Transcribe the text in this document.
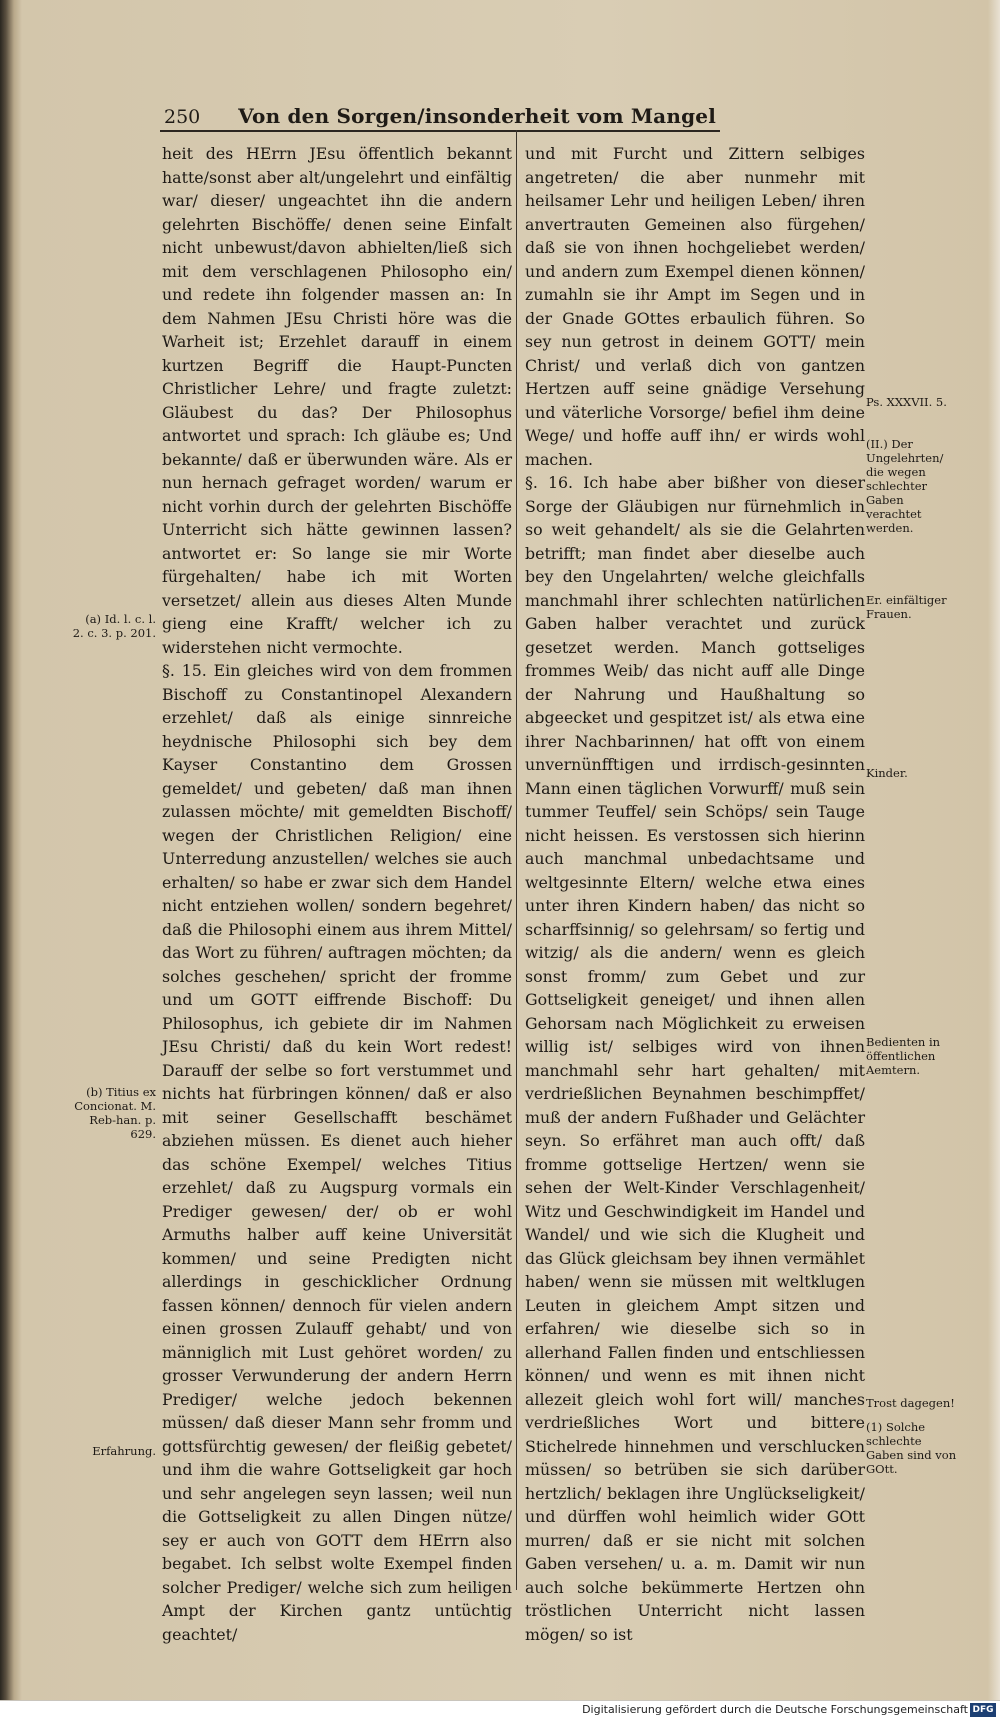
250 Von den Sorgen/insonderheit vom Mangel

heit des HErrn JEsu öffentlich bekannt hatte/sonst aber alt/ungelehrt und einfältig war/ dieser/ ungeachtet ihn die andern gelehrten Bischöffe/ denen seine Einfalt nicht unbewust/davon abhielten/ließ sich mit dem verschlagenen Philosopho ein/ und redete ihn folgender massen an: In dem Nahmen JEsu Christi höre was die Warheit ist; Erzehlet darauff in einem kurtzen Begriff die Haupt-Puncten Christlicher Lehre/ und fragte zuletzt: Gläubest du das? Der Philosophus antwortet und sprach: Ich gläube es; Und bekannte/ daß er überwunden wäre. Als er nun hernach gefraget worden/ warum er nicht vorhin durch der gelehrten Bischöffe Unterricht sich hätte gewinnen lassen? antwortet er: So lange sie mir Worte fürgehalten/ habe ich mit Worten versetzet/ allein aus dieses Alten Munde gieng eine Krafft/ welcher ich zu widerstehen nicht vermochte.

§. 15. Ein gleiches wird von dem frommen Bischoff zu Constantinopel Alexandern erzehlet/ daß als einige sinnreiche heydnische Philosophi sich bey dem Kayser Constantino dem Grossen gemeldet/ und gebeten/ daß man ihnen zulassen möchte/ mit gemeldten Bischoff/ wegen der Christlichen Religion/ eine Unterredung anzustellen/ welches sie auch erhalten/ so habe er zwar sich dem Handel nicht entziehen wollen/ sondern begehret/ daß die Philosophi einem aus ihrem Mittel/ das Wort zu führen/ auftragen möchten; da solches geschehen/ spricht der fromme und um GOTT eiffrende Bischoff: Du Philosophus, ich gebiete dir im Nahmen JEsu Christi/ daß du kein Wort redest! Darauff der selbe so fort verstummet und nichts hat fürbringen können/ daß er also mit seiner Gesellschafft beschämet abziehen müssen. Es dienet auch hieher das schöne Exempel/ welches Titius erzehlet/ daß zu Augspurg vormals ein Prediger gewesen/ der/ ob er wohl Armuths halber auff keine Universität kommen/ und seine Predigten nicht allerdings in geschicklicher Ordnung fassen können/ dennoch für vielen andern einen grossen Zulauff gehabt/ und von männiglich mit Lust gehöret worden/ zu grosser Verwunderung der andern Herrn Prediger/ welche jedoch bekennen müssen/ daß dieser Mann sehr fromm und gottsfürchtig gewesen/ der fleißig gebetet/ und ihm die wahre Gottseligkeit gar hoch und sehr angelegen seyn lassen; weil nun die Gottseligkeit zu allen Dingen nütze/ sey er auch von GOTT dem HErrn also begabet. Ich selbst wolte Exempel finden solcher Prediger/ welche sich zum heiligen Ampt der Kirchen gantz untüchtig geachtet/

und mit Furcht und Zittern selbiges angetreten/ die aber nunmehr mit heilsamer Lehr und heiligen Leben/ ihren anvertrauten Gemeinen also fürgehen/ daß sie von ihnen hochgeliebet werden/ und andern zum Exempel dienen können/ zumahln sie ihr Ampt im Segen und in der Gnade GOttes erbaulich führen. So sey nun getrost in deinem GOTT/ mein Christ/ und verlaß dich von gantzen Hertzen auff seine gnädige Versehung und väterliche Vorsorge/ befiel ihm deine Wege/ und hoffe auff ihn/ er wirds wohl machen.

§. 16. Ich habe aber bißher von dieser Sorge der Gläubigen nur fürnehmlich in so weit gehandelt/ als sie die Gelahrten betrifft; man findet aber dieselbe auch bey den Ungelahrten/ welche gleichfalls manchmahl ihrer schlechten natürlichen Gaben halber verachtet und zurück gesetzet werden. Manch gottseliges frommes Weib/ das nicht auff alle Dinge der Nahrung und Haußhaltung so abgeecket und gespitzet ist/ als etwa eine ihrer Nachbarinnen/ hat offt von einem unvernünfftigen und irrdisch-gesinnten Mann einen täglichen Vorwurff/ muß sein tummer Teuffel/ sein Schöps/ sein Tauge nicht heissen. Es verstossen sich hierinn auch manchmal unbedachtsame und weltgesinnte Eltern/ welche etwa eines unter ihren Kindern haben/ das nicht so scharffsinnig/ so gelehrsam/ so fertig und witzig/ als die andern/ wenn es gleich sonst fromm/ zum Gebet und zur Gottseligkeit geneiget/ und ihnen allen Gehorsam nach Möglichkeit zu erweisen willig ist/ selbiges wird von ihnen manchmahl sehr hart gehalten/ mit verdrießlichen Beynahmen beschimpffet/ muß der andern Fußhader und Gelächter seyn. So erfähret man auch offt/ daß fromme gottselige Hertzen/ wenn sie sehen der Welt-Kinder Verschlagenheit/ Witz und Geschwindigkeit im Handel und Wandel/ und wie sich die Klugheit und das Glück gleichsam bey ihnen vermählet haben/ wenn sie müssen mit weltklugen Leuten in gleichem Ampt sitzen und erfahren/ wie dieselbe sich so in allerhand Fallen finden und entschliessen können/ und wenn es mit ihnen nicht allezeit gleich wohl fort will/ manches verdrießliches Wort und bittere Stichelrede hinnehmen und verschlucken müssen/ so betrüben sie sich darüber hertzlich/ beklagen ihre Unglückseligkeit/ und dürffen wohl heimlich wider GOtt murren/ daß er sie nicht mit solchen Gaben versehen/ u. a. m. Damit wir nun auch solche bekümmerte Hertzen ohn tröstlichen Unterricht nicht lassen mögen/ so ist

(a) Id. l. c. l. 2. c. 3. p. 201.
(b) Titius ex Concionat. M. Reb-han. p. 629.
Erfahrung.
Ps. XXXVII. 5.
(II.) Der Ungelehrten/ die wegen schlechter Gaben verachtet werden.
Er. einfältiger Frauen.
Kinder.
Bedienten in öffentlichen Aemtern.
Trost dagegen!
(1) Solche schlechte Gaben sind von GOtt.
Digitalisierung gefördert durch die Deutsche Forschungsgemeinschaft DFG
